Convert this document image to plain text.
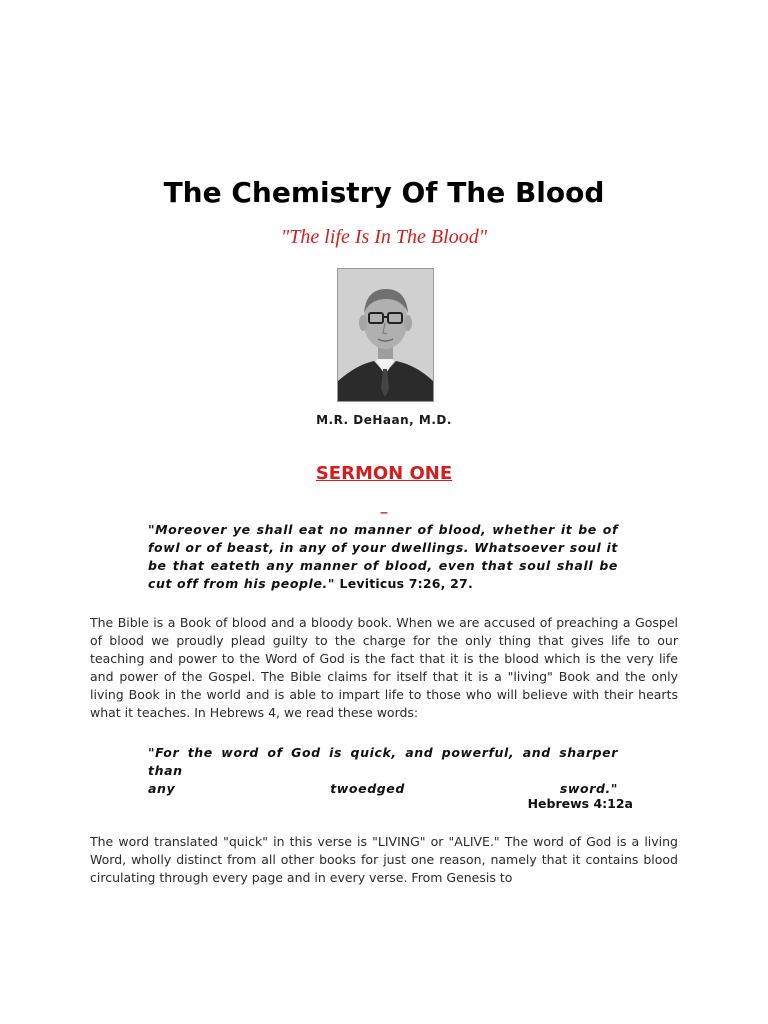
The Chemistry Of The Blood
"The life Is In The Blood"
M.R. DeHaan, M.D.
SERMON ONE
_
"Moreover ye shall eat no manner of blood, whether it be of fowl or of beast, in any of your dwellings. Whatsoever soul it be that eateth any manner of blood, even that soul shall be cut off from his people." Leviticus 7:26, 27.
The Bible is a Book of blood and a bloody book. When we are accused of preaching a Gospel of blood we proudly plead guilty to the charge for the only thing that gives life to our teaching and power to the Word of God is the fact that it is the blood which is the very life and power of the Gospel. The Bible claims for itself that it is a "living" Book and the only living Book in the world and is able to impart life to those who will believe with their hearts what it teaches. In Hebrews 4, we read these words:
"For the word of God is quick, and powerful, and sharper than
any	twoedged	sword."
Hebrews 4:12a
The word translated "quick" in this verse is "LIVING" or "ALIVE." The word of God is a living Word, wholly distinct from all other books for just one reason, namely that it contains blood circulating through every page and in every verse. From Genesis to
